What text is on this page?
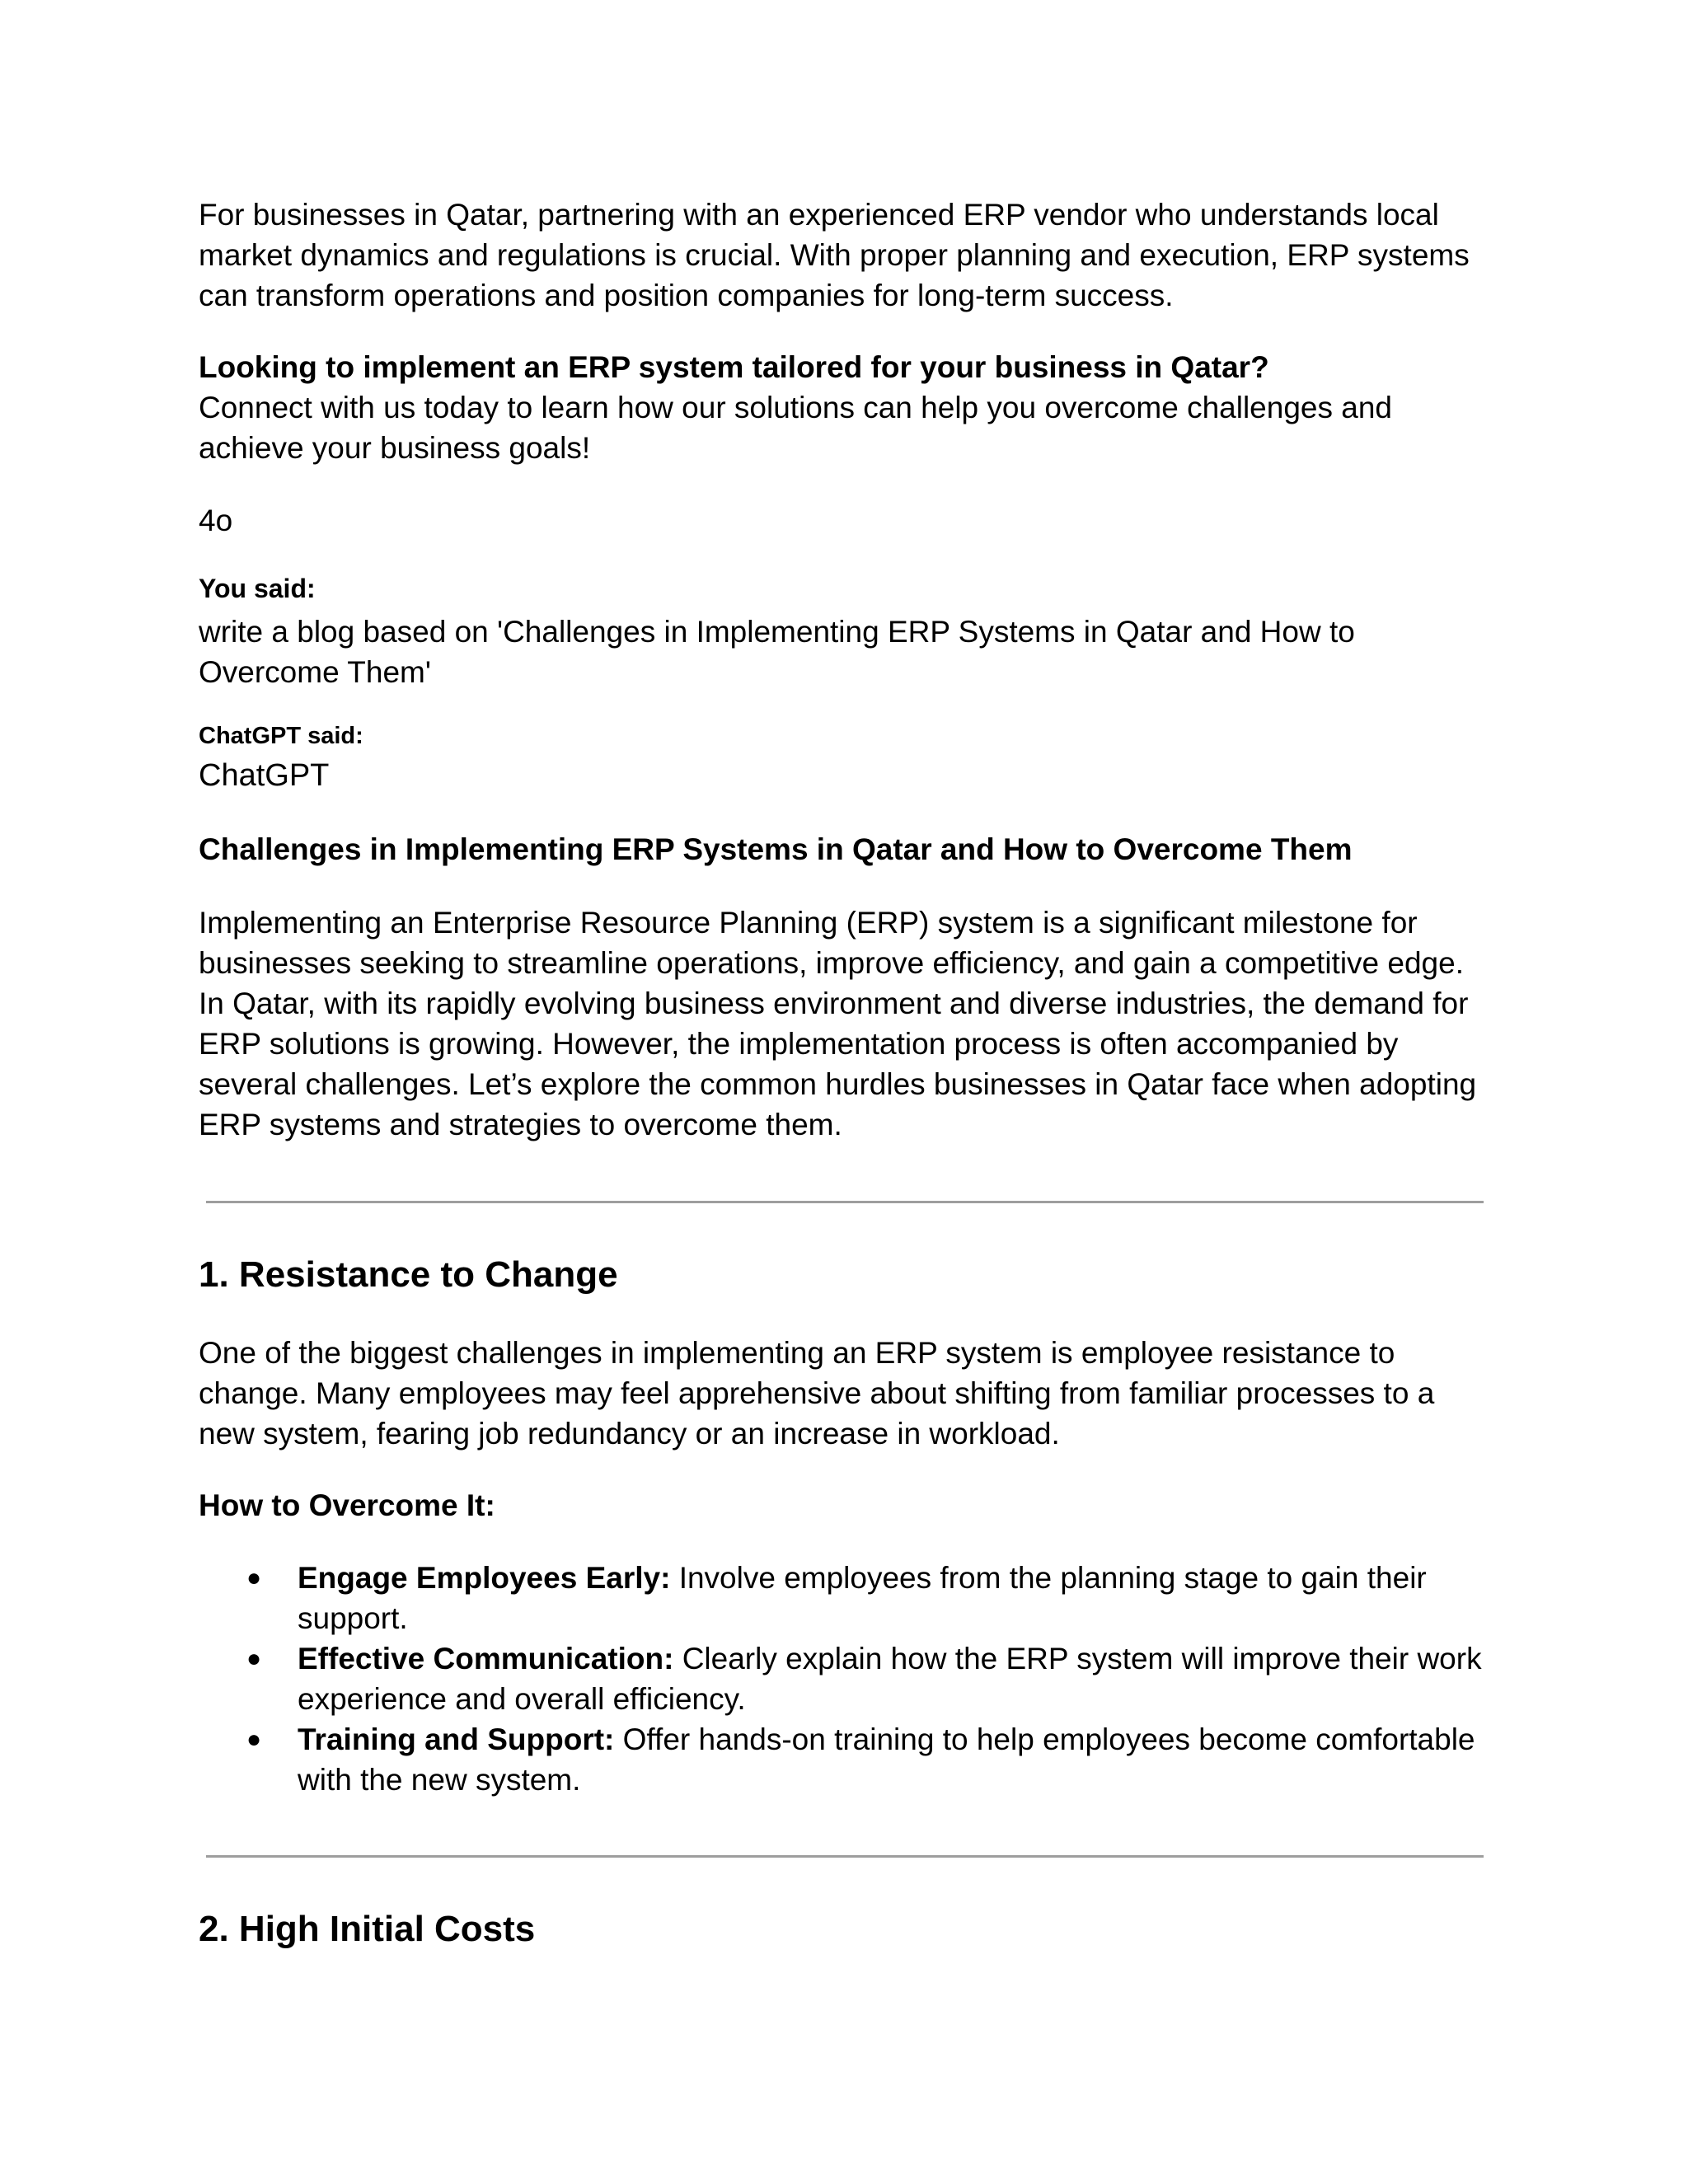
For businesses in Qatar, partnering with an experienced ERP vendor who understands local market dynamics and regulations is crucial. With proper planning and execution, ERP systems can transform operations and position companies for long-term success.

Looking to implement an ERP system tailored for your business in Qatar?
Connect with us today to learn how our solutions can help you overcome challenges and achieve your business goals!
4o
You said:
write a blog based on 'Challenges in Implementing ERP Systems in Qatar and How to Overcome Them'
ChatGPT said:
ChatGPT
Challenges in Implementing ERP Systems in Qatar and How to Overcome Them

Implementing an Enterprise Resource Planning (ERP) system is a significant milestone for businesses seeking to streamline operations, improve efficiency, and gain a competitive edge. In Qatar, with its rapidly evolving business environment and diverse industries, the demand for ERP solutions is growing. However, the implementation process is often accompanied by several challenges. Let’s explore the common hurdles businesses in Qatar face when adopting ERP systems and strategies to overcome them.

1. Resistance to Change

One of the biggest challenges in implementing an ERP system is employee resistance to change. Many employees may feel apprehensive about shifting from familiar processes to a new system, fearing job redundancy or an increase in workload.

How to Overcome It:
● Engage Employees Early: Involve employees from the planning stage to gain their support.
● Effective Communication: Clearly explain how the ERP system will improve their work experience and overall efficiency.
● Training and Support: Offer hands-on training to help employees become comfortable with the new system.
2. High Initial Costs
